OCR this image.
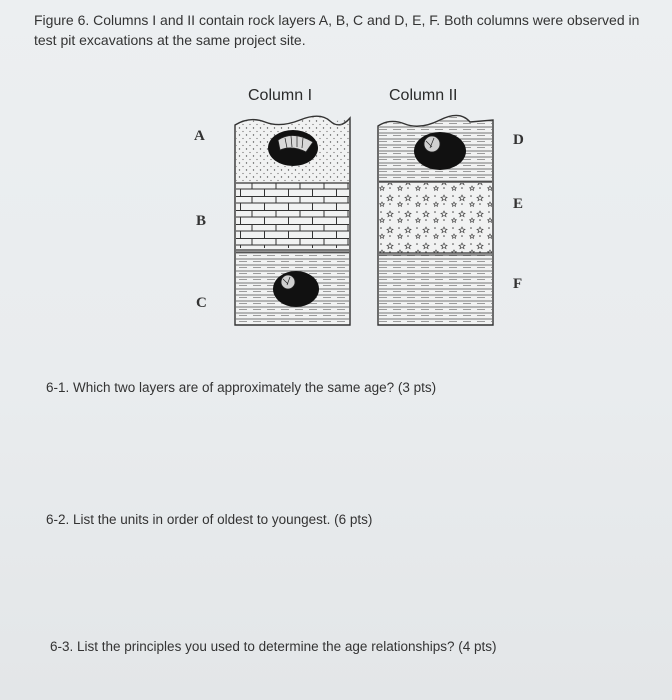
Figure 6. Columns I and II contain rock layers A, B, C and D, E, F. Both columns were observed in test pit excavations at the same project site.
Column I	Column II
A
B
C
D
E
F
6-1. Which two layers are of approximately the same age? (3 pts)
6-2. List the units in order of oldest to youngest. (6 pts)
6-3. List the principles you used to determine the age relationships? (4 pts)
